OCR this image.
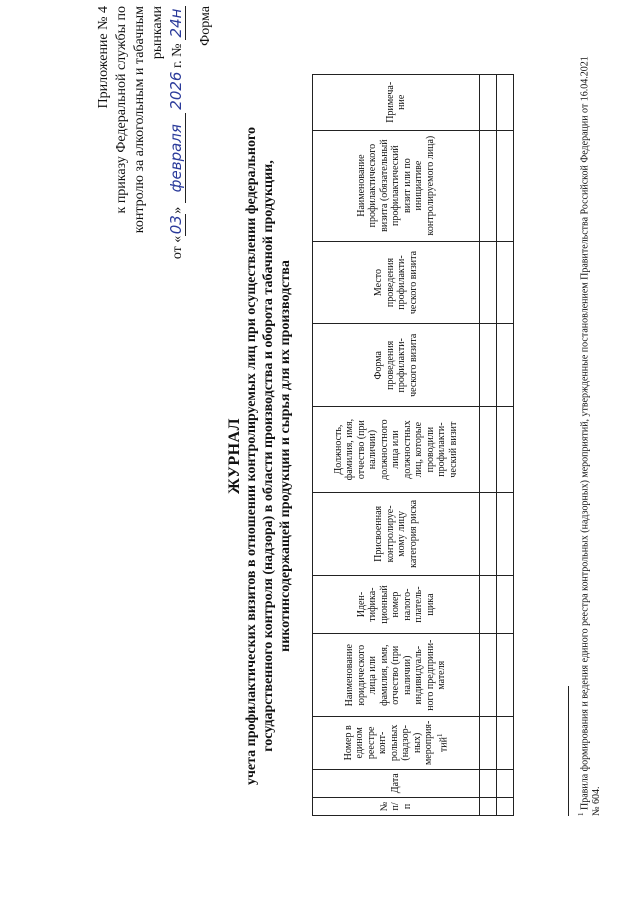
Приложение № 4 к приказу Федеральной службы по контролю за алкогольным и табачным рынками
от «03» февраля 2026 г. № 24н Форма
ЖУРНАЛ учета профилактических визитов в отношении контролируемых лиц при осуществлении федерального государственного контроля (надзора) в области производства и оборота табачной продукции, никотинсодержащей продукции и сырья для их производства
№ п/п	Дата	Номер в едином реестре конт-рольных (надзор-ных) мероприя-тий$^1$	Наименование юридического лица или фамилия, имя, отчество (при наличии) индивидуаль-ного предприни-мателя	Иден-тифика-ционный номер налого-платель-щика	Присвоенная контролируе-мому лицу категория риска	Должность, фамилия, имя, отчество (при наличии) должностного лица или должностных лиц, которые проводили профилакти-ческий визит	Форма проведения профилакти-ческого визита	Место проведения профилакти-ческого визита	Наименование профилактического визита (обязательный профилактический визит или по инициативе контролируемого лица)	Примеча-ние

$^1$ Правила формирования и ведения единого реестра контрольных (надзорных) мероприятий, утвержденные постановлением Правительства Российской Федерации от 16.04.2021 № 604.
